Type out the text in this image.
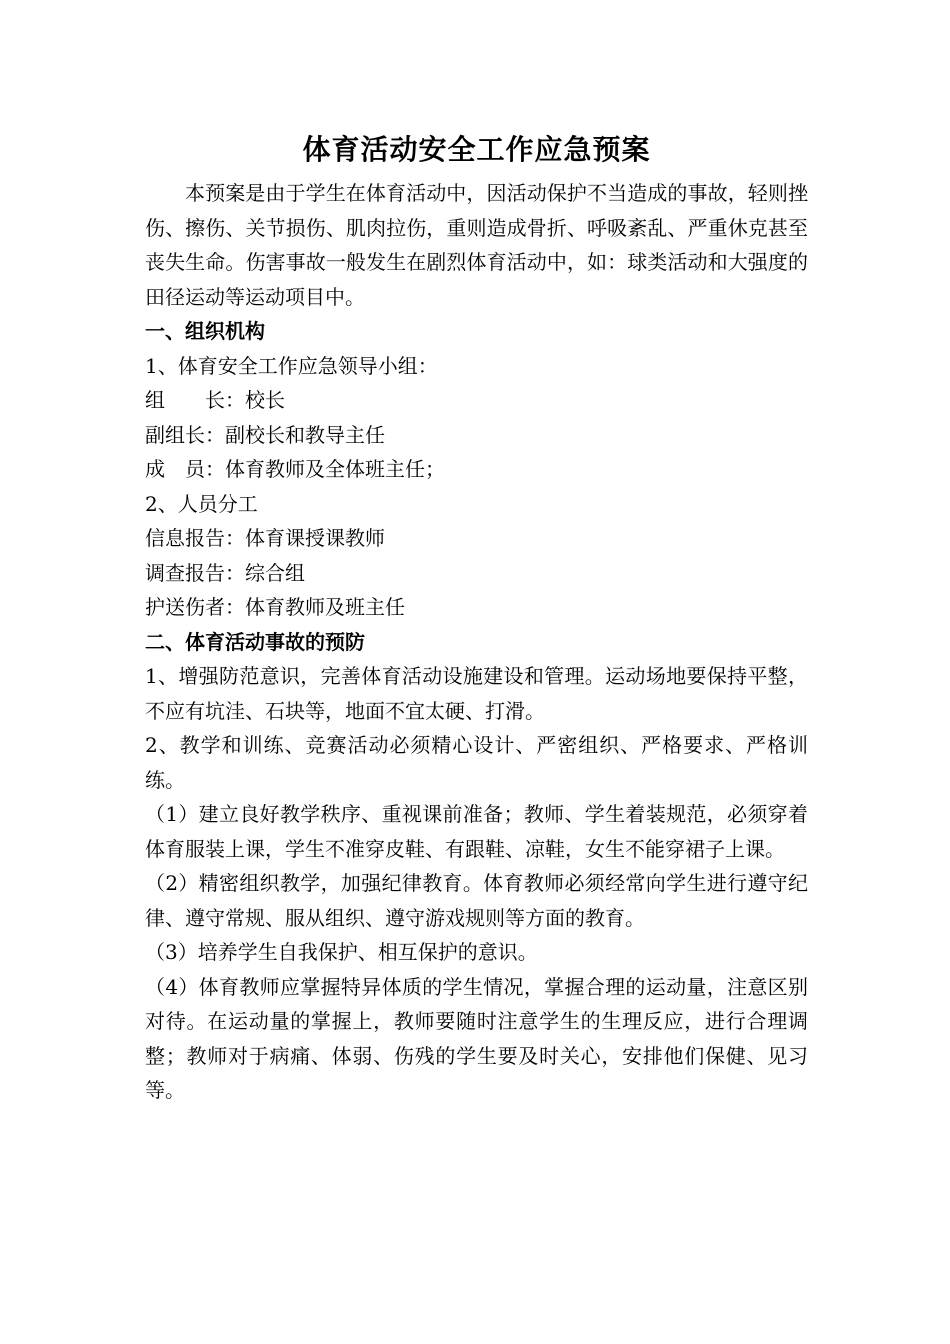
体育活动安全工作应急预案

本预案是由于学生在体育活动中，因活动保护不当造成的事故，轻则挫伤、擦伤、关节损伤、肌肉拉伤，重则造成骨折、呼吸紊乱、严重休克甚至丧失生命。伤害事故一般发生在剧烈体育活动中，如：球类活动和大强度的田径运动等运动项目中。

一、组织机构

1、体育安全工作应急领导小组：

组　　长：校长

副组长：副校长和教导主任

成　员：体育教师及全体班主任；

2、人员分工

信息报告：体育课授课教师

调查报告：综合组

护送伤者：体育教师及班主任

二、体育活动事故的预防

1、增强防范意识，完善体育活动设施建设和管理。运动场地要保持平整，不应有坑洼、石块等，地面不宜太硬、打滑。

2、教学和训练、竞赛活动必须精心设计、严密组织、严格要求、严格训练。

（1）建立良好教学秩序、重视课前准备；教师、学生着装规范，必须穿着体育服装上课，学生不准穿皮鞋、有跟鞋、凉鞋，女生不能穿裙子上课。

（2）精密组织教学，加强纪律教育。体育教师必须经常向学生进行遵守纪律、遵守常规、服从组织、遵守游戏规则等方面的教育。

（3）培养学生自我保护、相互保护的意识。

（4）体育教师应掌握特异体质的学生情况，掌握合理的运动量，注意区别对待。在运动量的掌握上，教师要随时注意学生的生理反应，进行合理调整；教师对于病痛、体弱、伤残的学生要及时关心，安排他们保健、见习等。
